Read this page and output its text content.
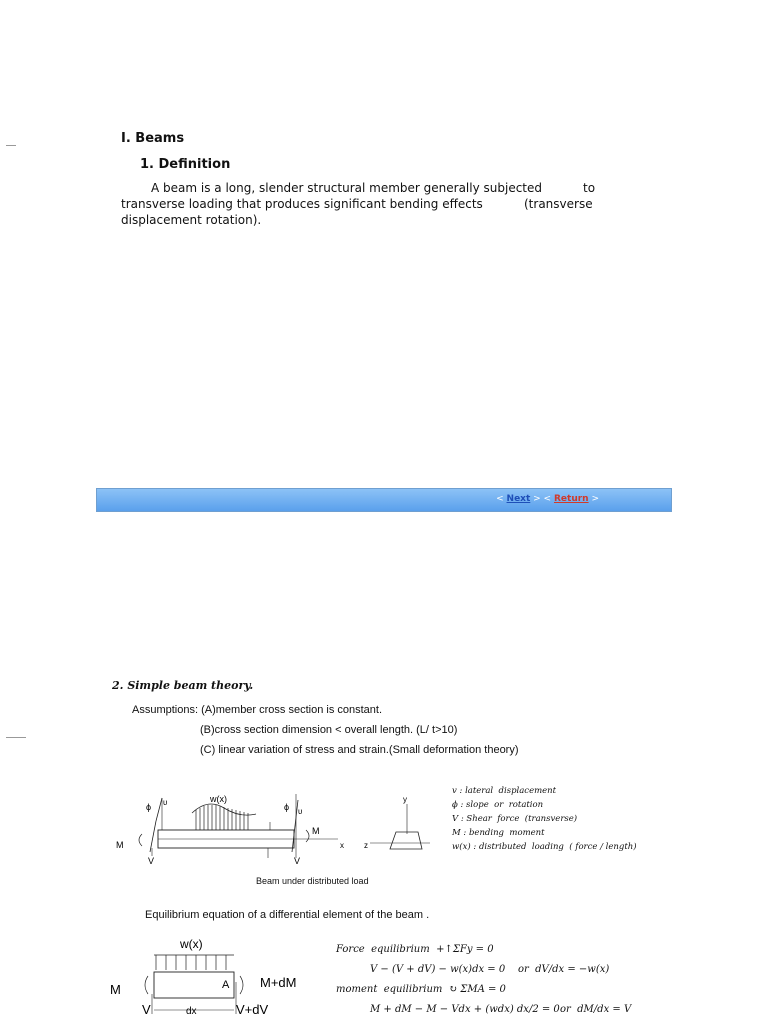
I. Beams
1. Definition
A beam is a long, slender structural member generally subjected	to
transverse loading that produces significant bending effects	(transverse
displacement rotation).
< Next > < Return >
2. Simple beam theory.
Assumptions: (A)member cross section is constant.
(B)cross section dimension < overall length. (L/ t>10)
(C) linear variation of stress and strain.(Small deformation theory)
ϕ υ
x
w(x)
ϕ υ
M
V
M
V
y
z
v : lateral  displacement
ϕ : slope  or  rotation
V : Shear  force  (transverse)
M : bending  moment
w(x) : distributed  loading  ( force / length)
Beam under distributed load
Equilibrium equation of a differential element of the beam .
w(x)
A
M	M+dM
V	V+dV
dx
Force  equilibrium  +↑ΣFy = 0
V − (V + dV) − w(x)dx = 0 or  dV/dx = −w(x)
moment  equilibrium  ↻ ΣMA = 0
M + dM − M − Vdx + (wdx) dx/2 = 0 or  dM/dx = V
